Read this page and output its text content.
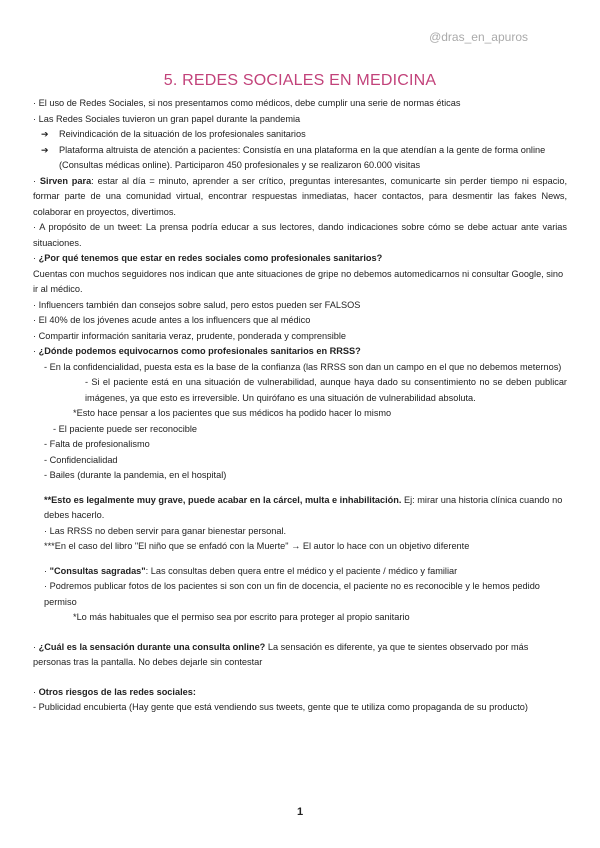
@dras_en_apuros
5. REDES SOCIALES EN MEDICINA

· El uso de Redes Sociales, si nos presentamos como médicos, debe cumplir una serie de normas éticas

· Las Redes Sociales tuvieron un gran papel durante la pandemia

➔ Reivindicación de la situación de los profesionales sanitarios

➔ Plataforma altruista de atención a pacientes: Consistía en una plataforma en la que atendían a la gente de forma online (Consultas médicas online). Participaron 450 profesionales y se realizaron 60.000 visitas

· Sirven para: estar al día = minuto, aprender a ser crítico, preguntas interesantes, comunicarte sin perder tiempo ni espacio, formar parte de una comunidad virtual, encontrar respuestas inmediatas, hacer contactos, para desmentir las fakes News, colaborar en proyectos, divertimos.

· A propósito de un tweet: La prensa podría educar a sus lectores, dando indicaciones sobre cómo se debe actuar ante varias situaciones.

· ¿Por qué tenemos que estar en redes sociales como profesionales sanitarios?

Cuentas con muchos seguidores nos indican que ante situaciones de gripe no debemos automedicarnos ni consultar Google, sino ir al médico.

· Influencers también dan consejos sobre salud, pero estos pueden ser FALSOS

· El 40% de los jóvenes acude antes a los influencers que al médico

· Compartir información sanitaria veraz, prudente, ponderada y comprensible

· ¿Dónde podemos equivocarnos como profesionales sanitarios en RRSS?

- En la confidencialidad, puesta esta es la base de la confianza (las RRSS son dan un campo en el que no debemos meternos)

- Si el paciente está en una situación de vulnerabilidad, aunque haya dado su consentimiento no se deben publicar imágenes, ya que esto es irreversible. Un quirófano es una situación de vulnerabilidad absoluta.

*Esto hace pensar a los pacientes que sus médicos ha podido hacer lo mismo

- El paciente puede ser reconocible

- Falta de profesionalismo

- Confidencialidad

- Bailes (durante la pandemia, en el hospital)

**Esto es legalmente muy grave, puede acabar en la cárcel, multa e inhabilitación. Ej: mirar una historia clínica cuando no debes hacerlo.

· Las RRSS no deben servir para ganar bienestar personal.

***En el caso del libro "El niño que se enfadó con la Muerte" → El autor lo hace con un objetivo diferente

· "Consultas sagradas": Las consultas deben quera entre el médico y el paciente / médico y familiar

· Podremos publicar fotos de los pacientes si son con un fin de docencia, el paciente no es reconocible y le hemos pedido permiso

*Lo más habituales que el permiso sea por escrito para proteger al propio sanitario

· ¿Cuál es la sensación durante una consulta online? La sensación es diferente, ya que te sientes observado por más personas tras la pantalla. No debes dejarle sin contestar

· Otros riesgos de las redes sociales:

- Publicidad encubierta (Hay gente que está vendiendo sus tweets, gente que te utiliza como propaganda de su producto)

1
